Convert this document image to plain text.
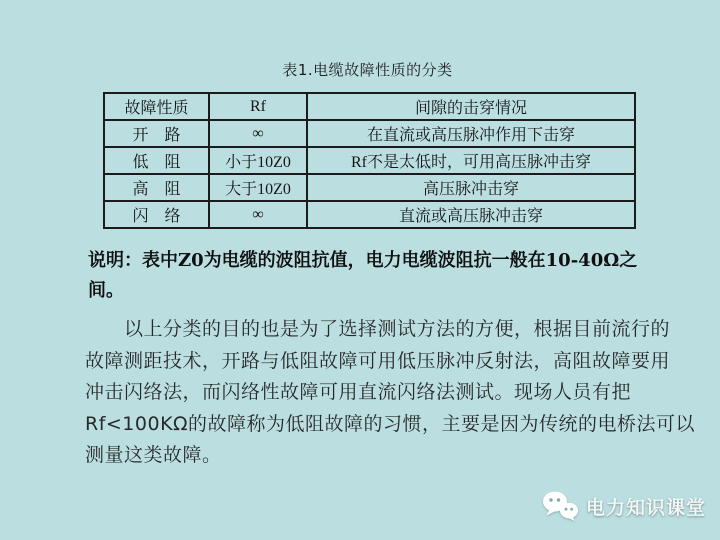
表1.电缆故障性质的分类
故障性质	Rf	间隙的击穿情况
开　路	∞	在直流或高压脉冲作用下击穿
低　阻	小于10Z0	Rf不是太低时，可用高压脉冲击穿
高　阻	大于10Z0	高压脉冲击穿
闪　络	∞	直流或高压脉冲击穿
说明：表中Z0为电缆的波阻抗值，电力电缆波阻抗一般在10-40Ω之
间。
以上分类的目的也是为了选择测试方法的方便，根据目前流行的
故障测距技术，开路与低阻故障可用低压脉冲反射法，高阻故障要用
冲击闪络法，而闪络性故障可用直流闪络法测试。现场人员有把
Rf<100KΩ的故障称为低阻故障的习惯，主要是因为传统的电桥法可以
测量这类故障。
电力知识课堂
